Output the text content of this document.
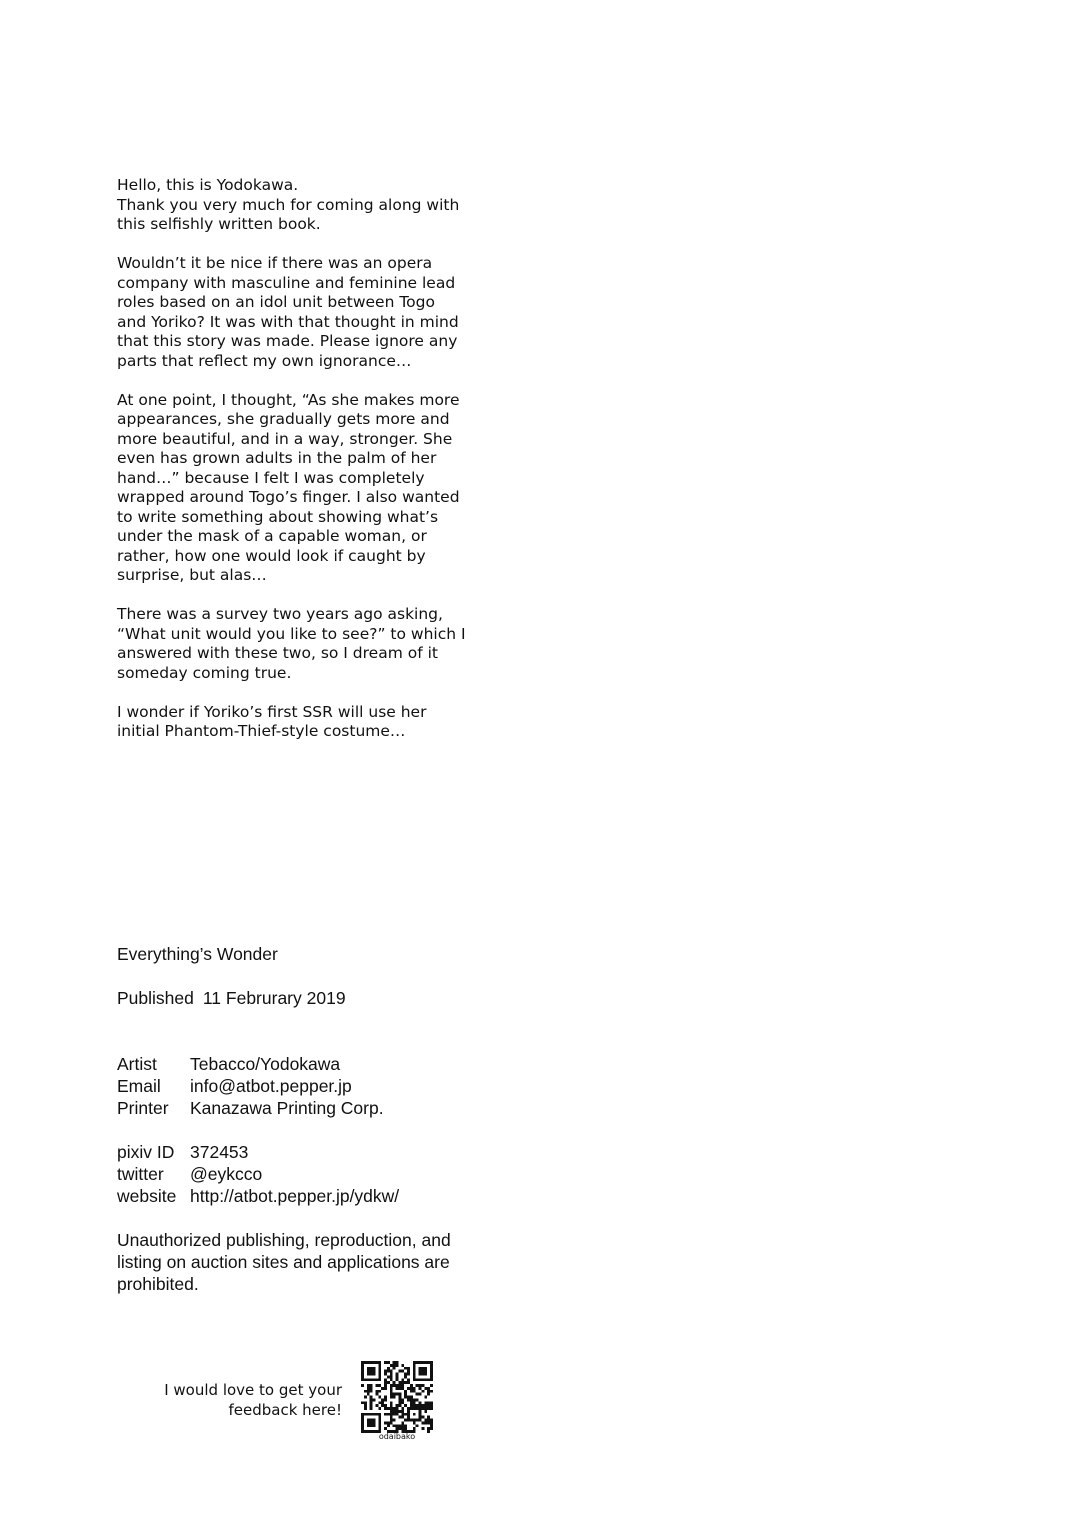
Hello, this is Yodokawa.
Thank you very much for coming along with
this selfishly written book.

Wouldn’t it be nice if there was an opera
company with masculine and feminine lead
roles based on an idol unit between Togo
and Yoriko? It was with that thought in mind
that this story was made. Please ignore any
parts that reflect my own ignorance…

At one point, I thought, “As she makes more
appearances, she gradually gets more and
more beautiful, and in a way, stronger. She
even has grown adults in the palm of her
hand…” because I felt I was completely
wrapped around Togo’s finger. I also wanted
to write something about showing what’s
under the mask of a capable woman, or
rather, how one would look if caught by
surprise, but alas…

There was a survey two years ago asking,
“What unit would you like to see?” to which I
answered with these two, so I dream of it
someday coming true.

I wonder if Yoriko’s first SSR will use her
initial Phantom-Thief-style costume…

Everything’s Wonder
Published 11 Februrary 2019
Artist	Tebacco/Yodokawa
Email	info@atbot.pepper.jp
Printer	Kanazawa Printing Corp.
pixiv ID	372453
twitter	@eykcco
website	http://atbot.pepper.jp/ydkw/
Unauthorized publishing, reproduction, and listing on auction sites and applications are prohibited.
I would love to get your
feedback here!
odaibako
